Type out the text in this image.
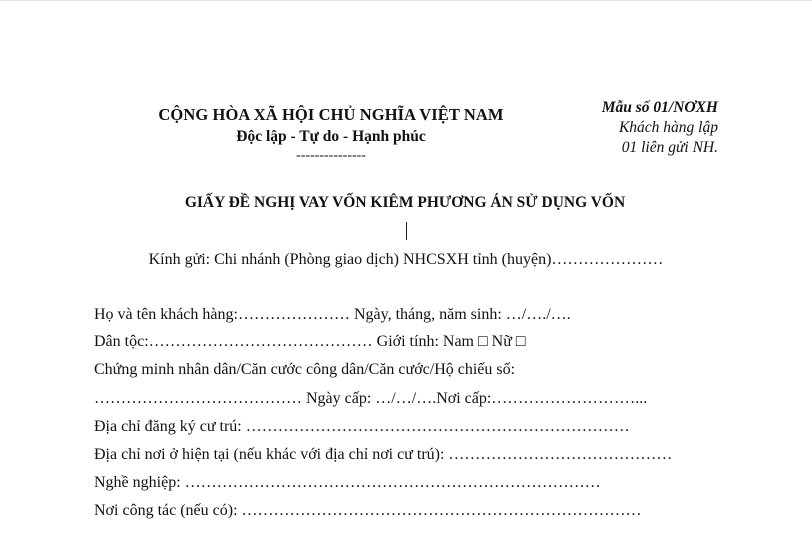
CỘNG HÒA XÃ HỘI CHỦ NGHĨA VIỆT NAM
Độc lập - Tự do - Hạnh phúc
---------------
Mẫu số 01/NƠXH
Khách hàng lập
01 liên gửi NH.
GIẤY ĐỀ NGHỊ VAY VỐN KIÊM PHƯƠNG ÁN SỬ DỤNG VỐN
Kính gửi: Chi nhánh (Phòng giao dịch) NHCSXH tỉnh (huyện)…………………
Họ và tên khách hàng:………………… Ngày, tháng, năm sinh: …/…./….
Dân tộc:…………………………………… Giới tính: Nam □ Nữ □
Chứng minh nhân dân/Căn cước công dân/Căn cước/Hộ chiếu số:
………………………………… Ngày cấp: …/…/….Nơi cấp:………………………...
Địa chỉ đăng ký cư trú: ………………………………………………………………
Địa chỉ nơi ở hiện tại (nếu khác với địa chỉ nơi cư trú): ……………………………………
Nghề nghiệp: ……………………………………………………………………
Nơi công tác (nếu có): …………………………………………………………………
